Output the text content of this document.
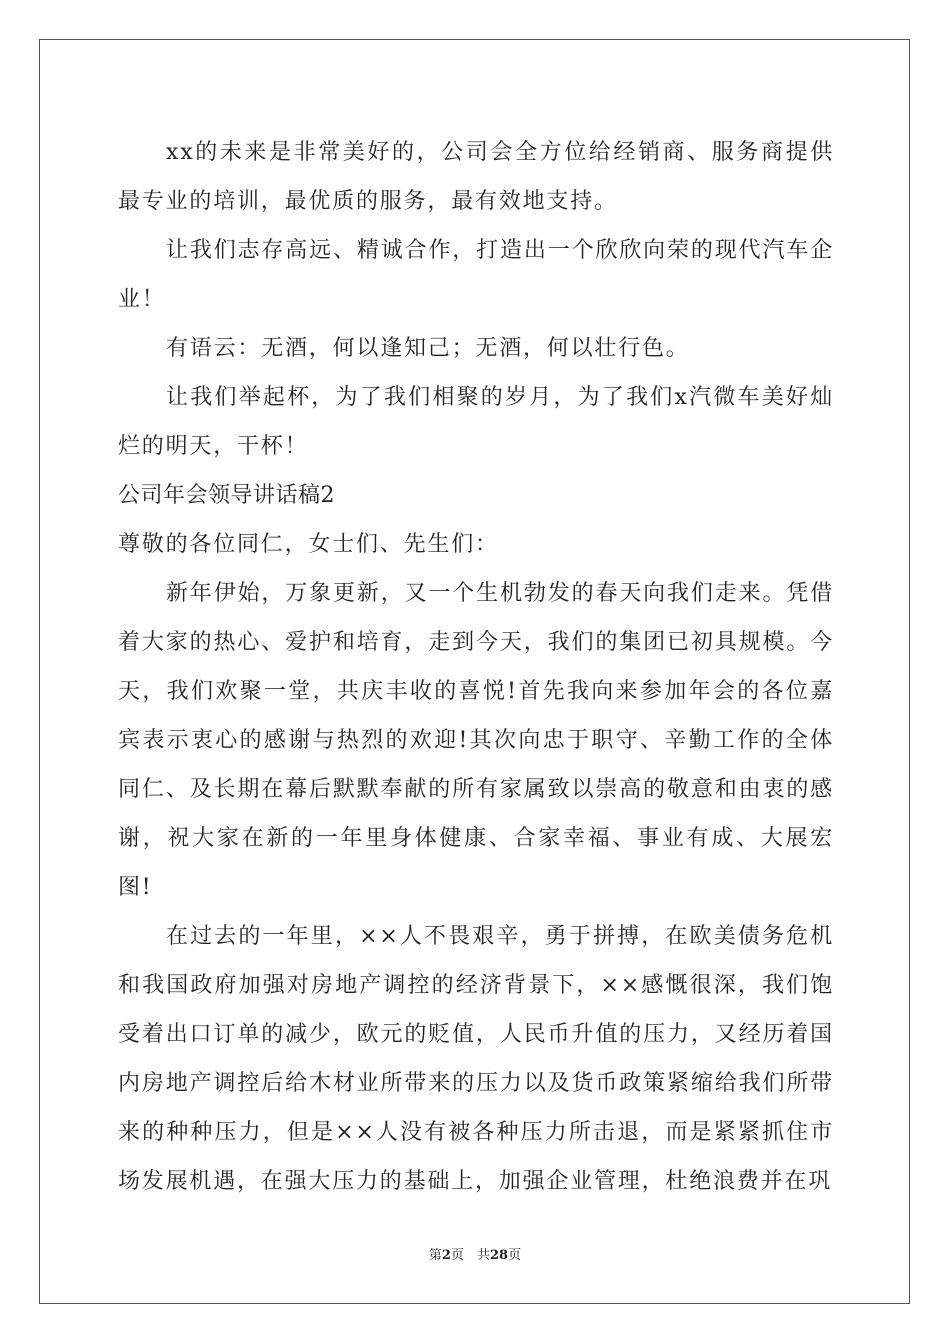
xx的未来是非常美好的，公司会全方位给经销商、服务商提供最专业的培训，最优质的服务，最有效地支持。

让我们志存高远、精诚合作，打造出一个欣欣向荣的现代汽车企业！

有语云：无酒，何以逢知己；无酒，何以壮行色。

让我们举起杯，为了我们相聚的岁月，为了我们x汽微车美好灿烂的明天，干杯！

公司年会领导讲话稿2

尊敬的各位同仁，女士们、先生们：

新年伊始，万象更新，又一个生机勃发的春天向我们走来。凭借着大家的热心、爱护和培育，走到今天，我们的集团已初具规模。今天，我们欢聚一堂，共庆丰收的喜悦!首先我向来参加年会的各位嘉宾表示衷心的感谢与热烈的欢迎!其次向忠于职守、辛勤工作的全体同仁、及长期在幕后默默奉献的所有家属致以崇高的敬意和由衷的感谢，祝大家在新的一年里身体健康、合家幸福、事业有成、大展宏图!

在过去的一年里，××人不畏艰辛，勇于拼搏，在欧美债务危机和我国政府加强对房地产调控的经济背景下，××感慨很深，我们饱受着出口订单的减少，欧元的贬值，人民币升值的压力，又经历着国内房地产调控后给木材业所带来的压力以及货币政策紧缩给我们所带来的种种压力，但是××人没有被各种压力所击退，而是紧紧抓住市场发展机遇，在强大压力的基础上，加强企业管理，杜绝浪费并在巩

第2页　共28页
